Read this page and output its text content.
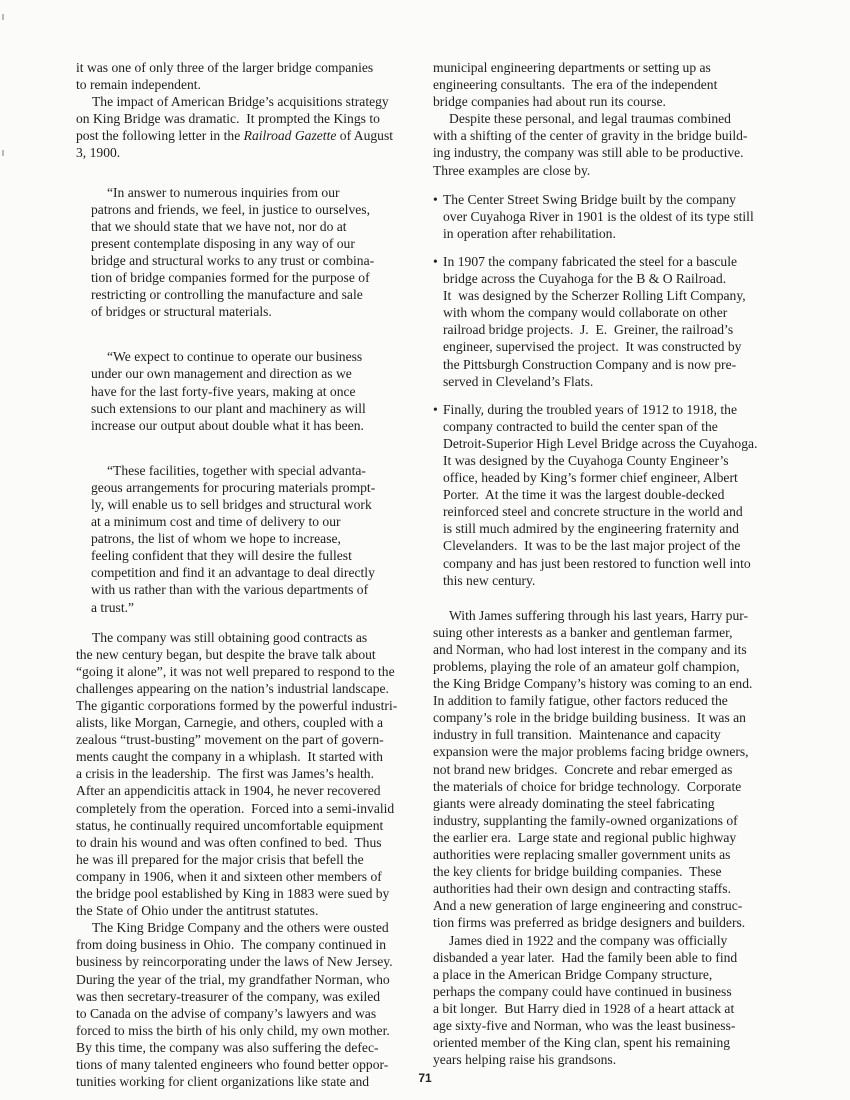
it was one of only three of the larger bridge companies
to remain independent.
The impact of American Bridge’s acquisitions strategy
on King Bridge was dramatic.  It prompted the Kings to
post the following letter in the Railroad Gazette of August
3, 1900.
“In answer to numerous inquiries from our
patrons and friends, we feel, in justice to ourselves,
that we should state that we have not, nor do at
present contemplate disposing in any way of our
bridge and structural works to any trust or combina-
tion of bridge companies formed for the purpose of
restricting or controlling the manufacture and sale
of bridges or structural materials.
“We expect to continue to operate our business
under our own management and direction as we
have for the last forty-five years, making at once
such extensions to our plant and machinery as will
increase our output about double what it has been.
“These facilities, together with special advanta-
geous arrangements for procuring materials prompt-
ly, will enable us to sell bridges and structural work
at a minimum cost and time of delivery to our
patrons, the list of whom we hope to increase,
feeling confident that they will desire the fullest
competition and find it an advantage to deal directly
with us rather than with the various departments of
a trust.”
The company was still obtaining good contracts as
the new century began, but despite the brave talk about
“going it alone”, it was not well prepared to respond to the
challenges appearing on the nation’s industrial landscape.
The gigantic corporations formed by the powerful industri-
alists, like Morgan, Carnegie, and others, coupled with a
zealous “trust-busting” movement on the part of govern-
ments caught the company in a whiplash.  It started with
a crisis in the leadership.  The first was James’s health.
After an appendicitis attack in 1904, he never recovered
completely from the operation.  Forced into a semi-invalid
status, he continually required uncomfortable equipment
to drain his wound and was often confined to bed.  Thus
he was ill prepared for the major crisis that befell the
company in 1906, when it and sixteen other members of
the bridge pool established by King in 1883 were sued by
the State of Ohio under the antitrust statutes.
The King Bridge Company and the others were ousted
from doing business in Ohio.  The company continued in
business by reincorporating under the laws of New Jersey.
During the year of the trial, my grandfather Norman, who
was then secretary-treasurer of the company, was exiled
to Canada on the advise of company’s lawyers and was
forced to miss the birth of his only child, my own mother.
By this time, the company was also suffering the defec-
tions of many talented engineers who found better oppor-
tunities working for client organizations like state and
municipal engineering departments or setting up as
engineering consultants.  The era of the independent
bridge companies had about run its course.
Despite these personal, and legal traumas combined
with a shifting of the center of gravity in the bridge build-
ing industry, the company was still able to be productive.
Three examples are close by.
• The Center Street Swing Bridge built by the company
over Cuyahoga River in 1901 is the oldest of its type still
in operation after rehabilitation.
• In 1907 the company fabricated the steel for a bascule
bridge across the Cuyahoga for the B & O Railroad.
It  was designed by the Scherzer Rolling Lift Company,
with whom the company would collaborate on other
railroad bridge projects.  J.  E.  Greiner, the railroad’s
engineer, supervised the project.  It was constructed by
the Pittsburgh Construction Company and is now pre-
served in Cleveland’s Flats.
• Finally, during the troubled years of 1912 to 1918, the
company contracted to build the center span of the
Detroit-Superior High Level Bridge across the Cuyahoga.
It was designed by the Cuyahoga County Engineer’s
office, headed by King’s former chief engineer, Albert
Porter.  At the time it was the largest double-decked
reinforced steel and concrete structure in the world and
is still much admired by the engineering fraternity and
Clevelanders.  It was to be the last major project of the
company and has just been restored to function well into
this new century.
With James suffering through his last years, Harry pur-
suing other interests as a banker and gentleman farmer,
and Norman, who had lost interest in the company and its
problems, playing the role of an amateur golf champion,
the King Bridge Company’s history was coming to an end.
In addition to family fatigue, other factors reduced the
company’s role in the bridge building business.  It was an
industry in full transition.  Maintenance and capacity
expansion were the major problems facing bridge owners,
not brand new bridges.  Concrete and rebar emerged as
the materials of choice for bridge technology.  Corporate
giants were already dominating the steel fabricating
industry, supplanting the family-owned organizations of
the earlier era.  Large state and regional public highway
authorities were replacing smaller government units as
the key clients for bridge building companies.  These
authorities had their own design and contracting staffs.
And a new generation of large engineering and construc-
tion firms was preferred as bridge designers and builders.
James died in 1922 and the company was officially
disbanded a year later.  Had the family been able to find
a place in the American Bridge Company structure,
perhaps the company could have continued in business
a bit longer.  But Harry died in 1928 of a heart attack at
age sixty-five and Norman, who was the least business-
oriented member of the King clan, spent his remaining
years helping raise his grandsons.
71
